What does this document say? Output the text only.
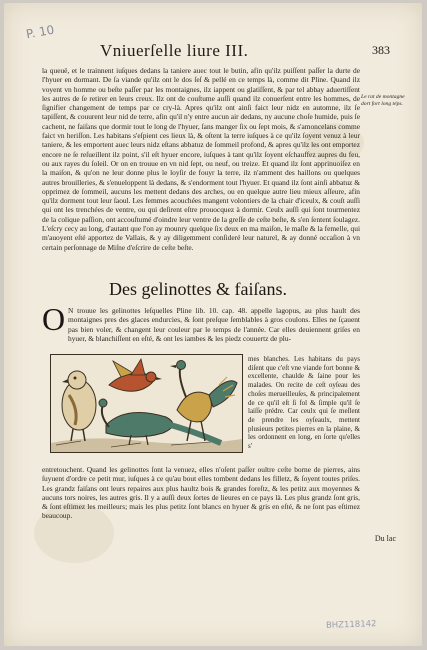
P. 10
Vniuerſelle liure III.	383

la queuë, et le trainnent iuſques dedans la taniere auec tout le butin, afin qu'ilz puiſſent paſſer la durte de l'hyuer en dormant. De ſa viande qu'ilz ont le dos ſeſ & pellé en ce temps là, comme dit Pline. Quand ilz voyent vn homme ou beſte paſſer par les montaignes, ilz iappent ou glatiſſent, & par tel abbay aduertiſſent les autres de ſe retirer en leurs creux. Ilz ont de couſtume auſſi quand ilz conuerſent entre les hommes, de ſignifier changement de temps par ce cry-là. Apres qu'ilz ont ainſi faict leur nidz en automne, ilz ſe tapiſſent, & couurent leur nid de terre, afin qu'il n'y entre aucun air dedans, ny aucune choſe humide, puis ſe cachent, ne faiſans que dormir tout le long de l'hyuer, ſans manger ſix ou ſept mois, & s'amoncelans comme faict vn heriſſon. Les habitans s'eſpient ces lieux là, & oſtent la terre iuſques à ce qu'ilz ſoyent venuz à leur taniere, & les emportent auec leurs nidz eſtans abbatuz de ſommeil profond, & apres qu'ilz les ont emportez encore ne ſe reſueillent ilz point, s'il eſt hyuer encore, iuſques à tant qu'ilz ſoyent eſchauffez aupres du feu, ou aux rayes du ſoleil. Or on en trouue en vn nid ſept, ou neuf, ou treize. Et quand ilz ſont apprinuoiſez en la maiſon, & qu'on ne leur donne plus le loyſir de fouyr la terre, ilz n'amment des haillons ou quelques autres brouilleries, & s'enueloppent là dedans, & s'endorment tout l'hyuer. Et quand ilz ſont ainſi abbatuz & opprimez de ſommeil, aucuns les mettent dedans des arches, ou en quelque autre lieu mieux aſſeure, afin qu'ilz dorment tout leur ſaoul. Les femmes acouchées mangent volontiers de la chair d'iceulx, & couſt auſſi qui ont les trenchées de ventre, ou qui deſirent eſtre prouocquez à dormir. Ceulx auſſi qui ſont tourmentez de la colique paſſion, ont accouſtumé d'oindre leur ventre de la greſſe de ceſte beſte, & s'en ſentent ſoulagez. L'eſcry cecy au long, d'autant que l'on ay mounry quelque ſix deux en ma maiſon, le maſle & la femelle, qui m'auoyent eſté apportez de Vallais, & y ay diligemment conſideré leur naturel, & ay donné occaſion à vn certain perſonnage de Miſne d'eſcrire de ceſte beſte.

Le rat de montagne dort fort long téps.
Des gelinottes & faiſans.
O N trouue les gelinottes leſquelles Pline lib. 10. cap. 48. appelle lagopus, au plus hault des montaignes pres des glaces endurcies, & ſont preſque ſemblables à gros coulons. Elles ne ſçauent pas bien voler, & changent leur couleur par le temps de l'année. Car elles deuiennent griſes en hyuer, & blanchiſſent en eſté, & ont les iambes & les piedz couuertz de plu-

mes blanches. Les habitans du pays diſent que c'eſt vne viande fort bonne & excellente, chaulde & ſaine pour les malades. On recite de ceſt oyſeau des choſes merueilleuſes, & principalement de ce qu'il eſt ſi fol & ſimple qu'il ſe laiſſe prédre. Car ceulx qui ſe meſlent de prendre les oyſeaulx, mettent plusieurs petites pierres en la plaine, & les ordonnent en long, en ſorte qu'elles s'

entretouchent. Quand les gelinottes ſont la venuez, elles n'oſent paſſer oultre ceſte borne de pierres, ains ſuyuent d'ordre ce petit mur, iuſques à ce qu'au bout elles tombent dedans les filletz, & ſoyent toutes priſes. Les grandz faiſans ont leurs repaires aux plus haultz bois & grandes foreſtz, & les petitz aux moyennes & aucuns tors noires, les autres gris. Il y a auſſi deux ſortes de lieures en ce pays là. Les plus grandz ſont gris, & ſont eſtimez les meilleurs; mais les plus petitz ſont blancs en hyuer & gris en eſté, & ne ſont pas eſtimez beaucoup.

Du lac
BHZ118142
